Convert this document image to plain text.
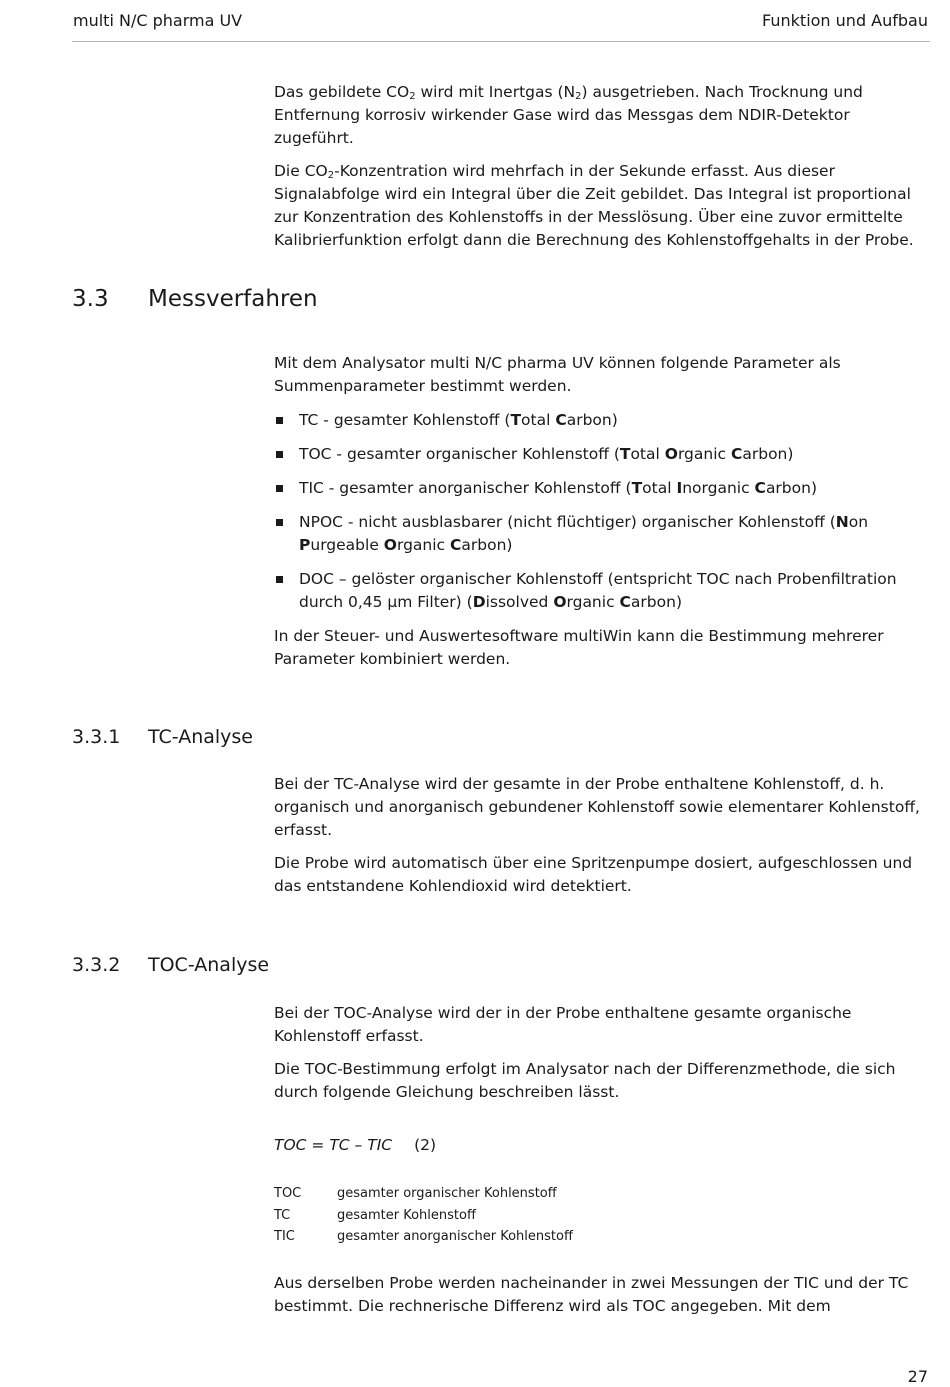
multi N/C pharma UV	Funktion und Aufbau

Das gebildete $CO_2$ wird mit Inertgas $(N_2)$ ausgetrieben. Nach Trocknung und Entfernung korrosiv wirkender Gase wird das Messgas dem NDIR-Detektor zugeführt.

Die $CO_2$-Konzentration wird mehrfach in der Sekunde erfasst. Aus dieser Signalabfolge wird ein Integral über die Zeit gebildet. Das Integral ist proportional zur Konzentration des Kohlenstoffs in der Messlösung. Über eine zuvor ermittelte Kalibrierfunktion erfolgt dann die Berechnung des Kohlenstoffgehalts in der Probe.

3.3 Messverfahren

Mit dem Analysator multi N/C pharma UV können folgende Parameter als Summenparameter bestimmt werden.

TC - gesamter Kohlenstoff (Total Carbon)
TOC - gesamter organischer Kohlenstoff (Total Organic Carbon)
TIC - gesamter anorganischer Kohlenstoff (Total Inorganic Carbon)
NPOC - nicht ausblasbarer (nicht flüchtiger) organischer Kohlenstoff (Non Purgeable Organic Carbon)
DOC – gelöster organischer Kohlenstoff (entspricht TOC nach Probenfiltration durch 0,45 µm Filter) (Dissolved Organic Carbon)

In der Steuer- und Auswertesoftware multiWin kann die Bestimmung mehrerer Parameter kombiniert werden.

3.3.1 TC-Analyse

Bei der TC-Analyse wird der gesamte in der Probe enthaltene Kohlenstoff, d. h. organisch und anorganisch gebundener Kohlenstoff sowie elementarer Kohlenstoff, erfasst.

Die Probe wird automatisch über eine Spritzenpumpe dosiert, aufgeschlossen und das entstandene Kohlendioxid wird detektiert.

3.3.2 TOC-Analyse

Bei der TOC-Analyse wird der in der Probe enthaltene gesamte organische Kohlenstoff erfasst.

Die TOC-Bestimmung erfolgt im Analysator nach der Differenzmethode, die sich durch folgende Gleichung beschreiben lässt.

TOC = TC – TIC (2)

TOC	gesamter organischer Kohlenstoff
TC	gesamter Kohlenstoff
TIC	gesamter anorganischer Kohlenstoff

Aus derselben Probe werden nacheinander in zwei Messungen der TIC und der TC bestimmt. Die rechnerische Differenz wird als TOC angegeben. Mit dem

27
